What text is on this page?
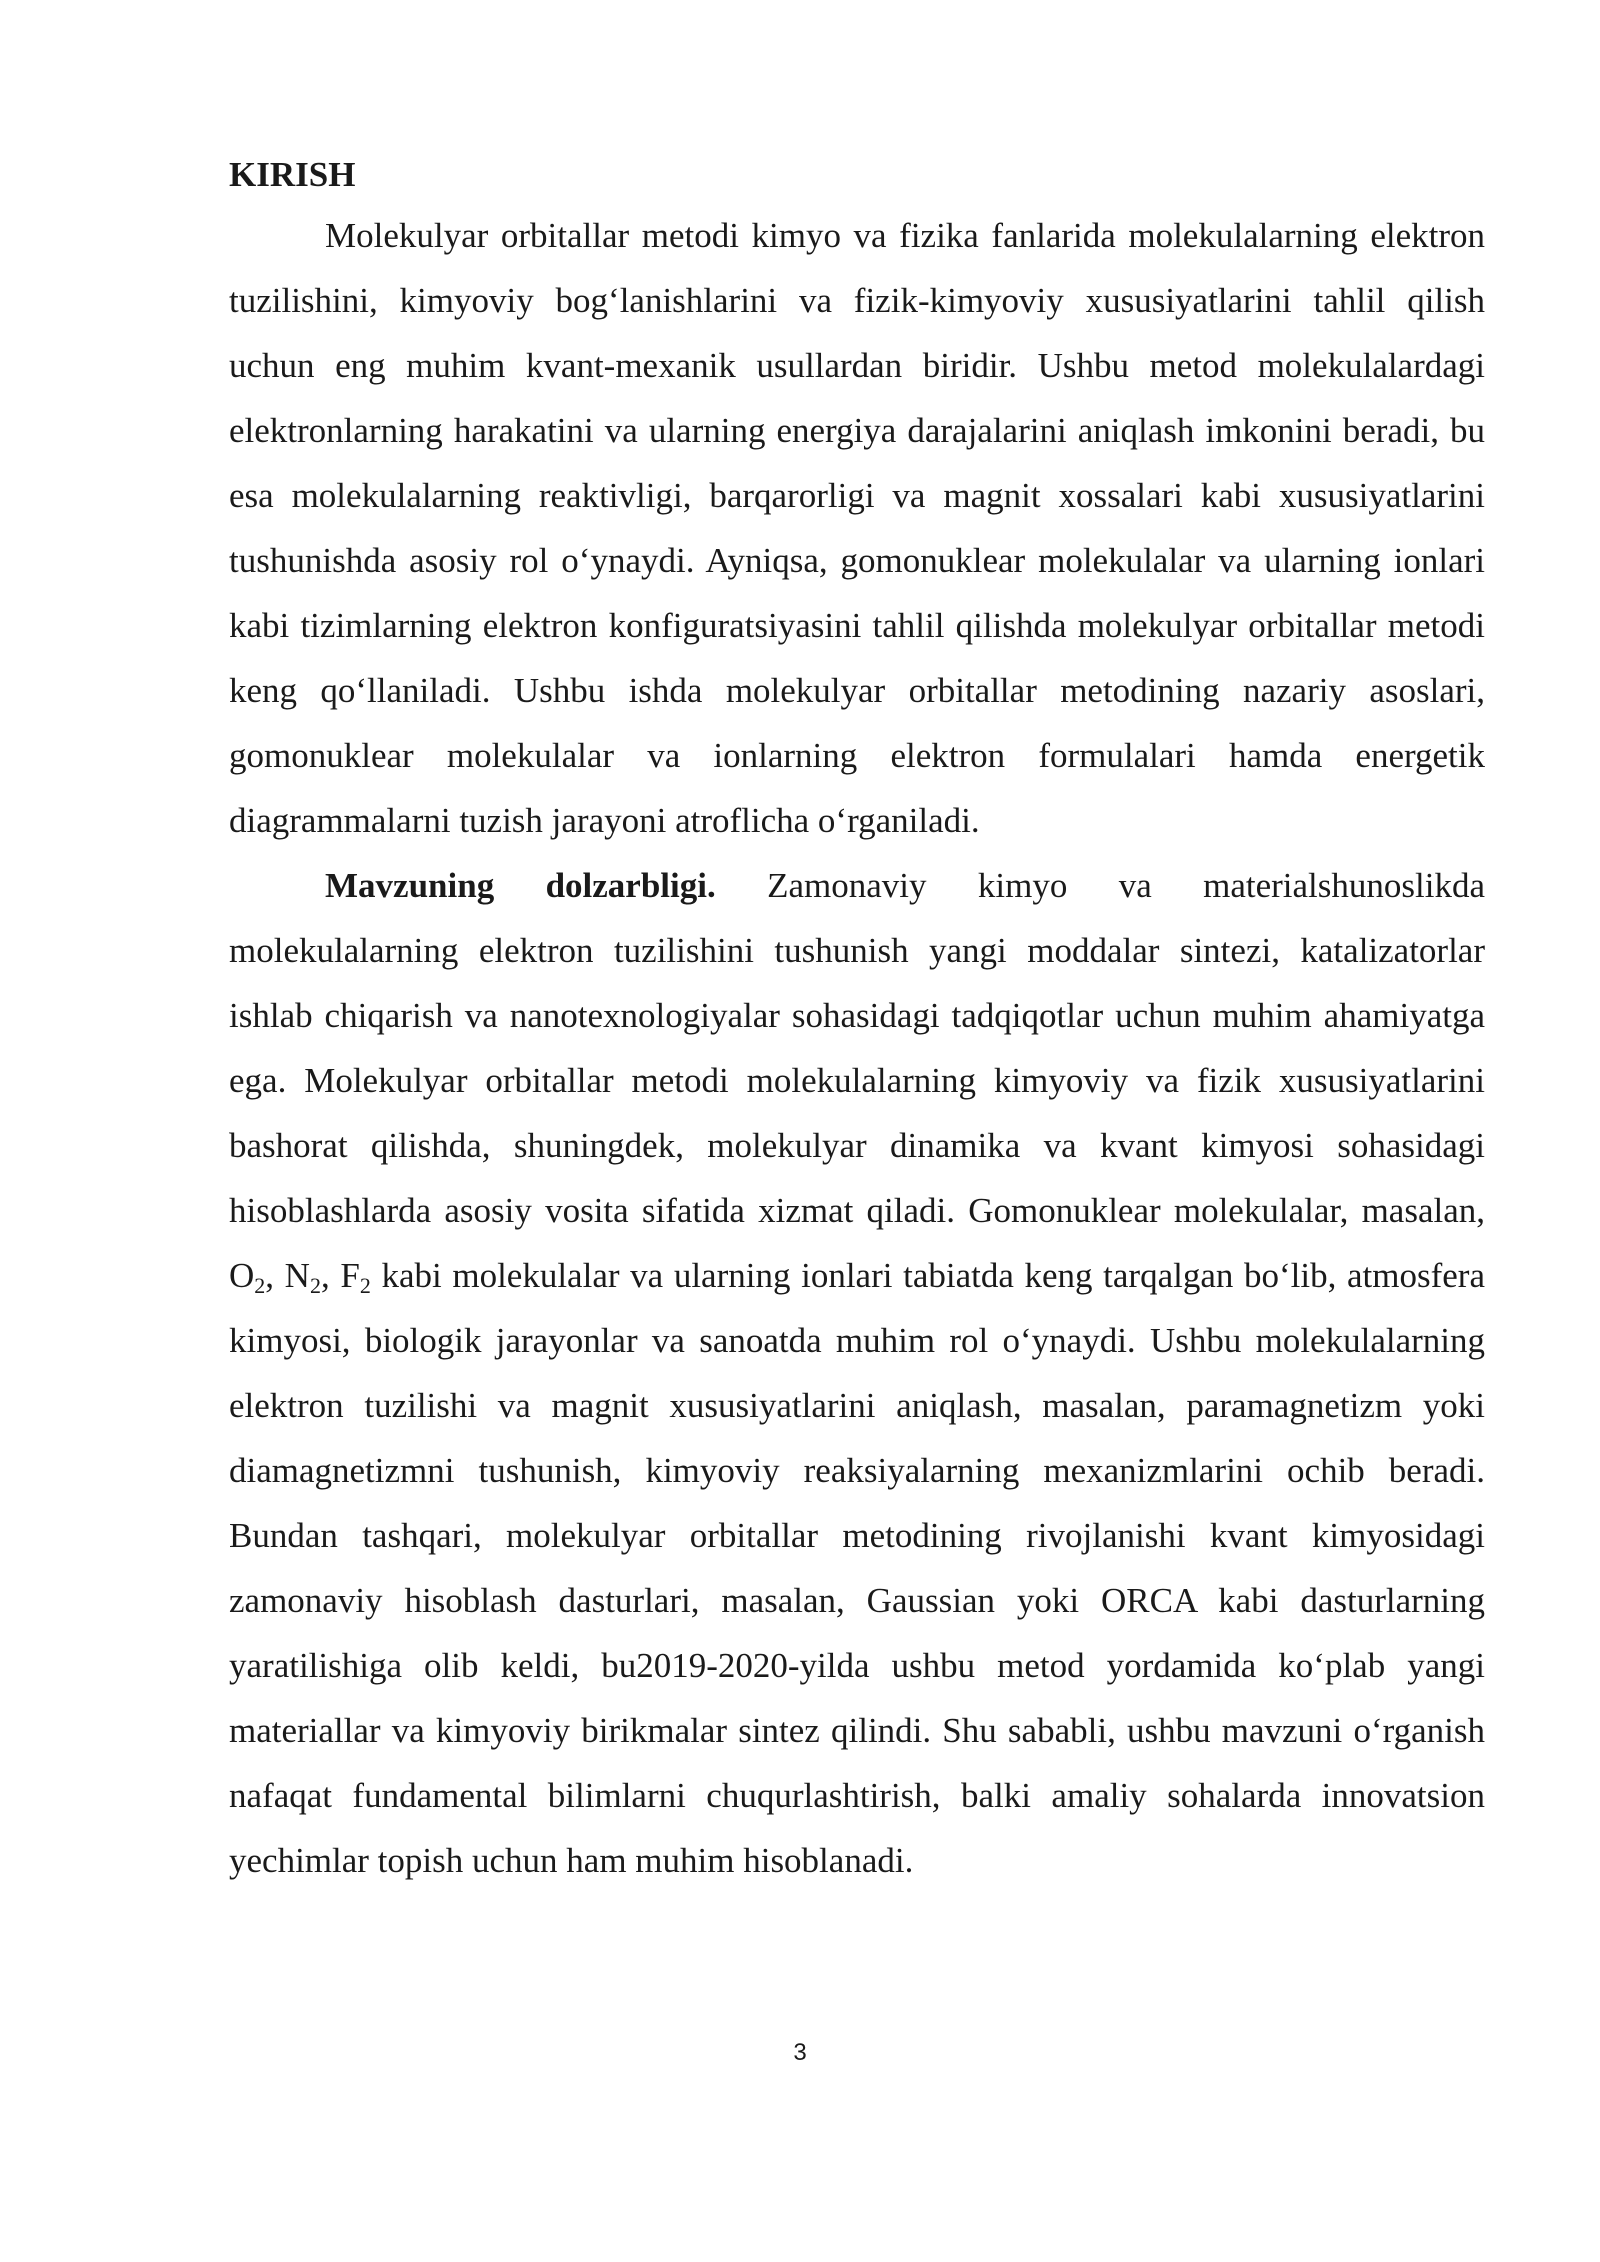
KIRISH

Molekulyar orbitallar metodi kimyo va fizika fanlarida molekulalarning elektron tuzilishini, kimyoviy bog‘lanishlarini va fizik-kimyoviy xususiyatlarini tahlil qilish uchun eng muhim kvant-mexanik usullardan biridir. Ushbu metod molekulalardagi elektronlarning harakatini va ularning energiya darajalarini aniqlash imkonini beradi, bu esa molekulalarning reaktivligi, barqarorligi va magnit xossalari kabi xususiyatlarini tushunishda asosiy rol o‘ynaydi. Ayniqsa, gomonuklear molekulalar va ularning ionlari kabi tizimlarning elektron konfiguratsiyasini tahlil qilishda molekulyar orbitallar metodi keng qo‘llaniladi. Ushbu ishda molekulyar orbitallar metodining nazariy asoslari, gomonuklear molekulalar va ionlarning elektron formulalari hamda energetik diagrammalarni tuzish jarayoni atroflicha o‘rganiladi.

Mavzuning dolzarbligi. Zamonaviy kimyo va materialshunoslikda molekulalarning elektron tuzilishini tushunish yangi moddalar sintezi, katalizatorlar ishlab chiqarish va nanotexnologiyalar sohasidagi tadqiqotlar uchun muhim ahamiyatga ega. Molekulyar orbitallar metodi molekulalarning kimyoviy va fizik xususiyatlarini bashorat qilishda, shuningdek, molekulyar dinamika va kvant kimyosi sohasidagi hisoblashlarda asosiy vosita sifatida xizmat qiladi. Gomonuklear molekulalar, masalan, $O_2$, $N_2$, $F_2$ kabi molekulalar va ularning ionlari tabiatda keng tarqalgan bo‘lib, atmosfera kimyosi, biologik jarayonlar va sanoatda muhim rol o‘ynaydi. Ushbu molekulalarning elektron tuzilishi va magnit xususiyatlarini aniqlash, masalan, paramagnetizm yoki diamagnetizmni tushunish, kimyoviy reaksiyalarning mexanizmlarini ochib beradi. Bundan tashqari, molekulyar orbitallar metodining rivojlanishi kvant kimyosidagi zamonaviy hisoblash dasturlari, masalan, Gaussian yoki ORCA kabi dasturlarning yaratilishiga olib keldi, bu2019-2020-yilda ushbu metod yordamida ko‘plab yangi materiallar va kimyoviy birikmalar sintez qilindi. Shu sababli, ushbu mavzuni o‘rganish nafaqat fundamental bilimlarni chuqurlashtirish, balki amaliy sohalarda innovatsion yechimlar topish uchun ham muhim hisoblanadi.

3
